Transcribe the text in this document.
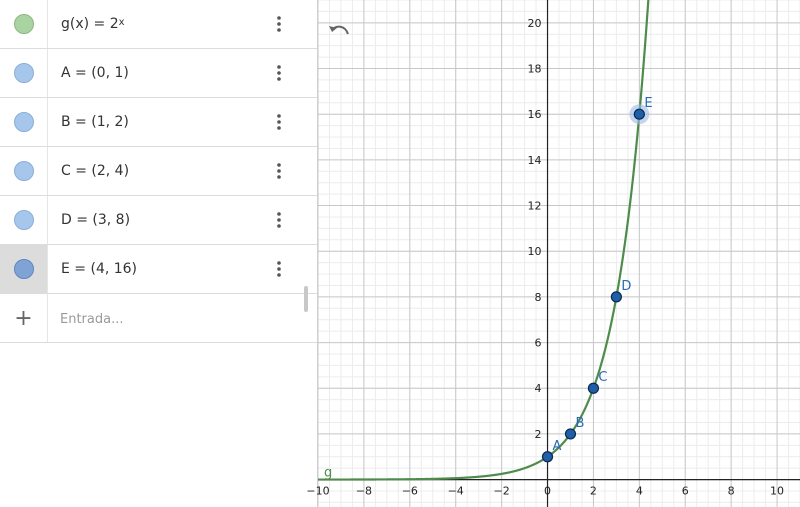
$g(x) = 2^x$
A = (0, 1)
B = (1, 2)
C = (2, 4)
D = (3, 8)
E = (4, 16)
+
Entrada...
−10 −8	−6	−4	−2	0	2	4	6	8	10
2
4
6
8
10
12
14
16
18
20
g
A
B
C
D
E
